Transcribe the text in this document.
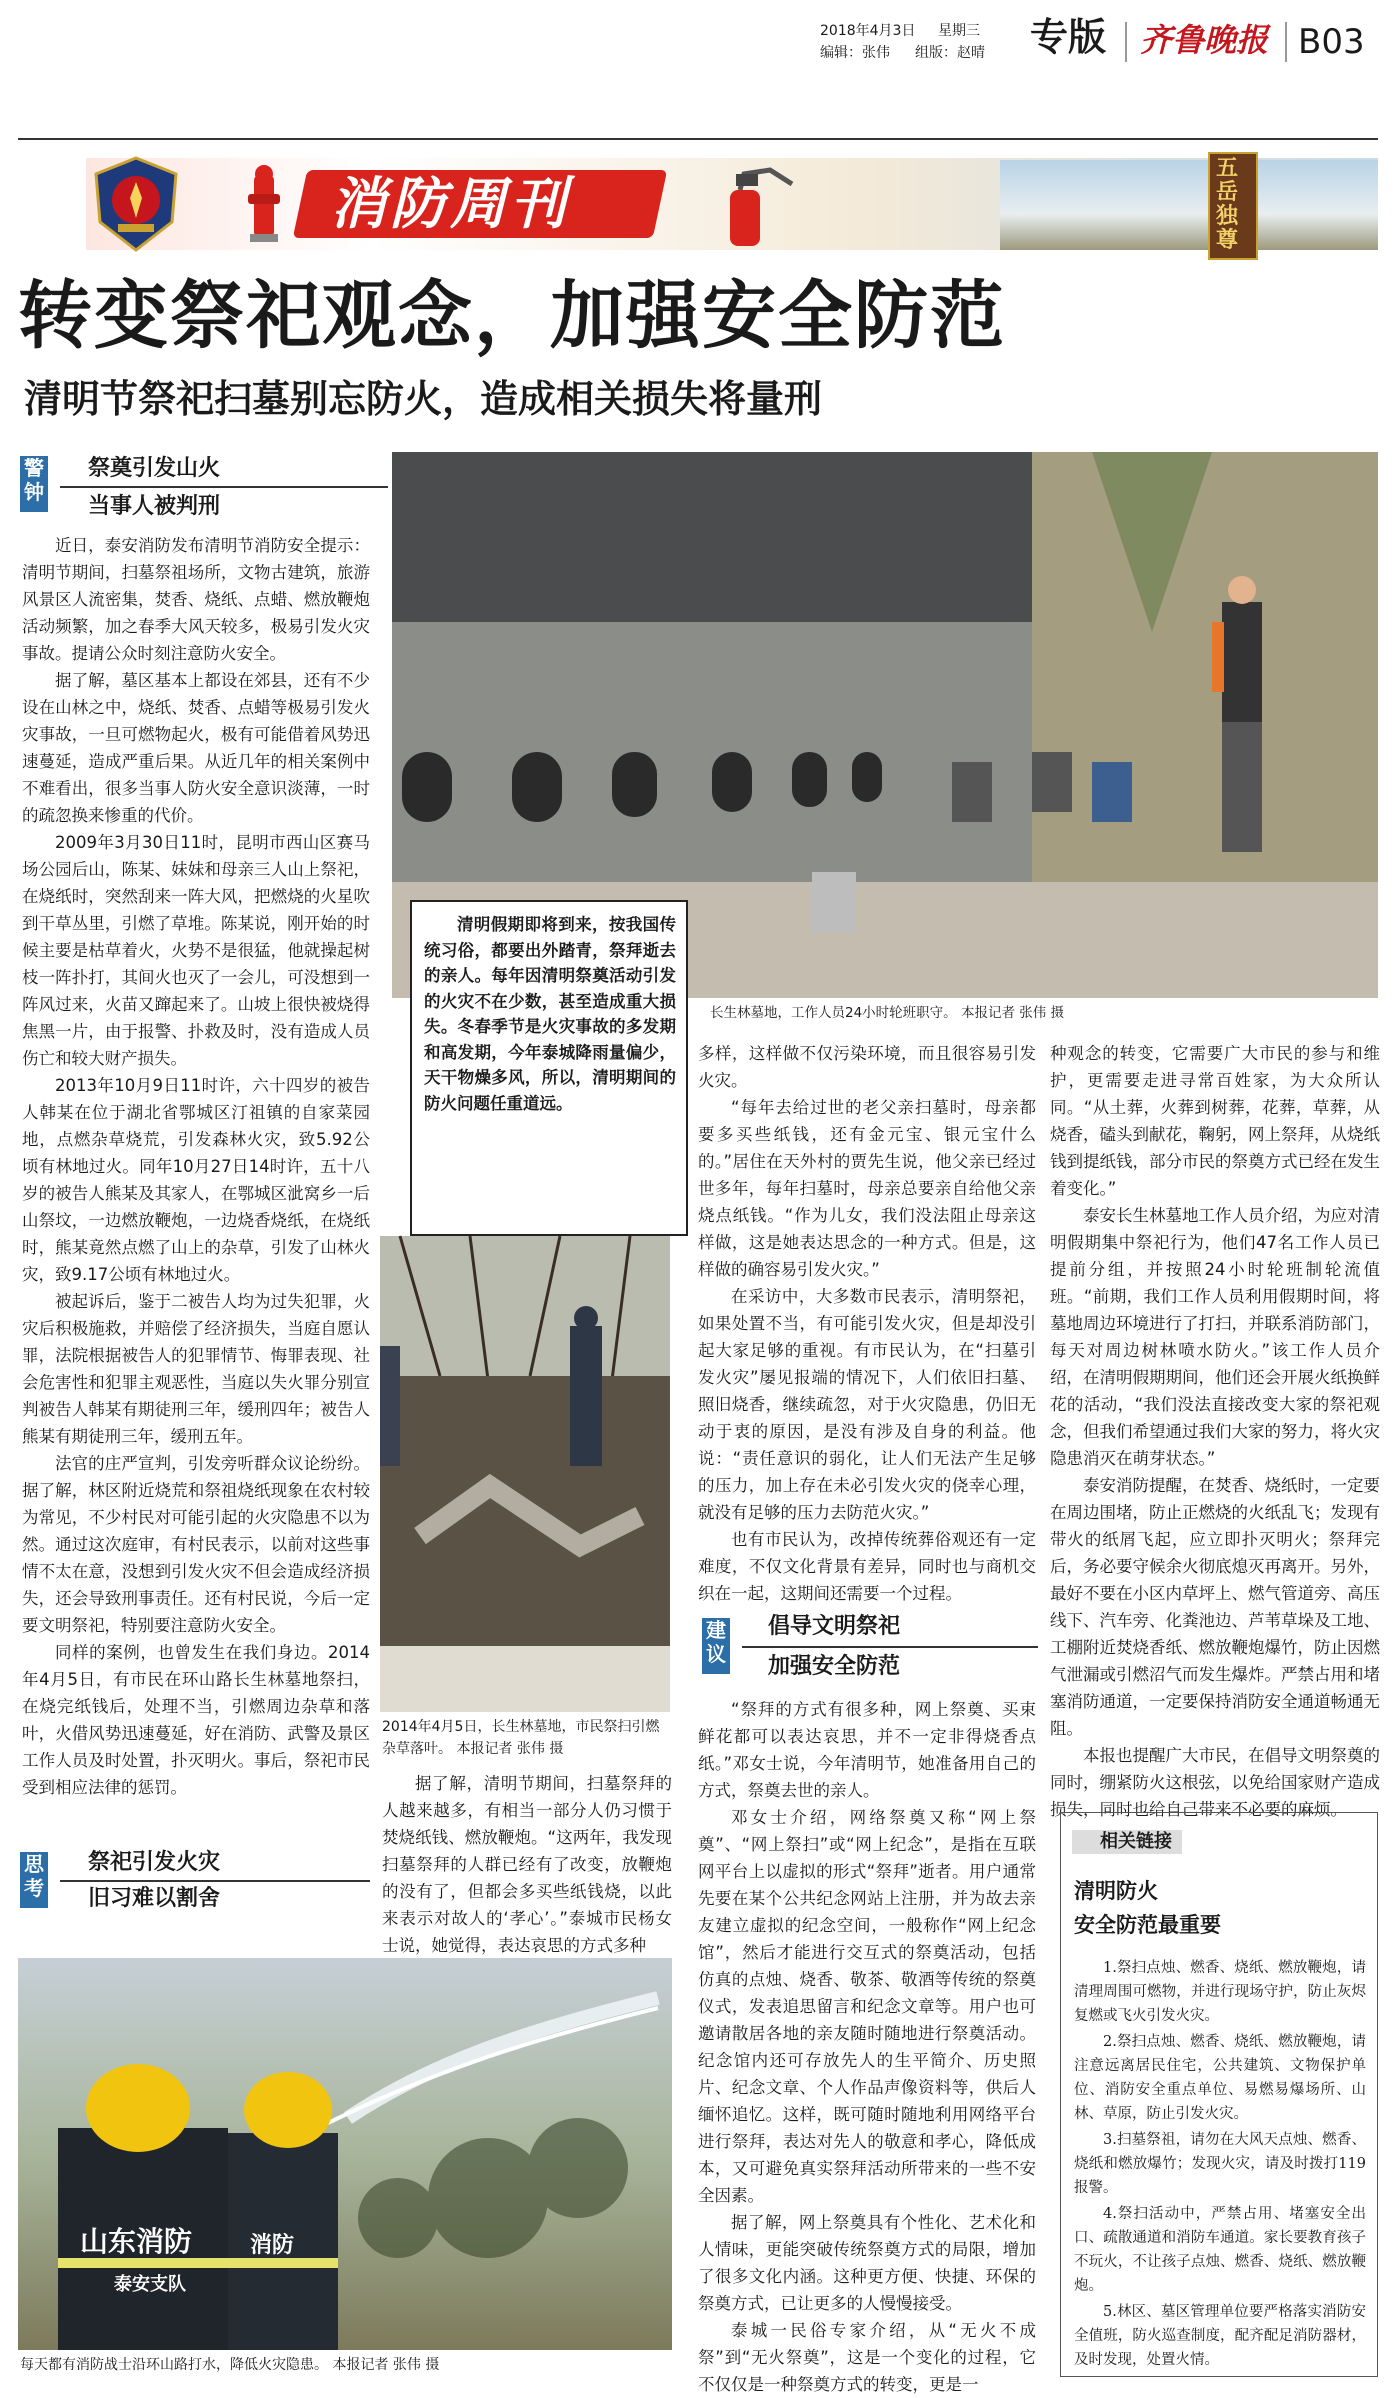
2018年4月3日 星期三
编辑：张伟 组版：赵晴 专版 齐鲁晚报 B03
消防周刊
五岳独尊
转变祭祀观念，加强安全防范
清明节祭祀扫墓别忘防火，造成相关损失将量刑
警钟
祭奠引发山火
当事人被判刑

近日，泰安消防发布清明节消防安全提示：清明节期间，扫墓祭祖场所，文物古建筑，旅游风景区人流密集，焚香、烧纸、点蜡、燃放鞭炮活动频繁，加之春季大风天较多，极易引发火灾事故。提请公众时刻注意防火安全。

据了解，墓区基本上都设在郊县，还有不少设在山林之中，烧纸、焚香、点蜡等极易引发火灾事故，一旦可燃物起火，极有可能借着风势迅速蔓延，造成严重后果。从近几年的相关案例中不难看出，很多当事人防火安全意识淡薄，一时的疏忽换来惨重的代价。

2009年3月30日11时，昆明市西山区赛马场公园后山，陈某、妹妹和母亲三人山上祭祀，在烧纸时，突然刮来一阵大风，把燃烧的火星吹到干草丛里，引燃了草堆。陈某说，刚开始的时候主要是枯草着火，火势不是很猛，他就操起树枝一阵扑打，其间火也灭了一会儿，可没想到一阵风过来，火苗又蹿起来了。山坡上很快被烧得焦黑一片，由于报警、扑救及时，没有造成人员伤亡和较大财产损失。

2013年10月9日11时许，六十四岁的被告人韩某在位于湖北省鄂城区汀祖镇的自家菜园地，点燃杂草烧荒，引发森林火灾，致5.92公顷有林地过火。同年10月27日14时许，五十八岁的被告人熊某及其家人，在鄂城区泚窝乡一后山祭坟，一边燃放鞭炮，一边烧香烧纸，在烧纸时，熊某竟然点燃了山上的杂草，引发了山林火灾，致9.17公顷有林地过火。

被起诉后，鉴于二被告人均为过失犯罪，火灾后积极施救，并赔偿了经济损失，当庭自愿认罪，法院根据被告人的犯罪情节、悔罪表现、社会危害性和犯罪主观恶性，当庭以失火罪分别宣判被告人韩某有期徒刑三年，缓刑四年；被告人熊某有期徒刑三年，缓刑五年。

法官的庄严宣判，引发旁听群众议论纷纷。据了解，林区附近烧荒和祭祖烧纸现象在农村较为常见，不少村民对可能引起的火灾隐患不以为然。通过这次庭审，有村民表示，以前对这些事情不太在意，没想到引发火灾不但会造成经济损失，还会导致刑事责任。还有村民说，今后一定要文明祭祀，特别要注意防火安全。

同样的案例，也曾发生在我们身边。2014年4月5日，有市民在环山路长生林墓地祭扫，在烧完纸钱后，处理不当，引燃周边杂草和落叶，火借风势迅速蔓延，好在消防、武警及景区工作人员及时处置，扑灭明火。事后，祭祀市民受到相应法律的惩罚。

思考
祭祀引发火灾
旧习难以割舍
长生林墓地，工作人员24小时轮班职守。 本报记者 张伟 摄
清明假期即将到来，按我国传统习俗，都要出外踏青，祭拜逝去的亲人。每年因清明祭奠活动引发的火灾不在少数，甚至造成重大损失。冬春季节是火灾事故的多发期和高发期，今年泰城降雨量偏少，天干物燥多风，所以，清明期间的防火问题任重道远。
2014年4月5日，长生林墓地，市民祭扫引燃杂草落叶。 本报记者 张伟 摄

据了解，清明节期间，扫墓祭拜的人越来越多，有相当一部分人仍习惯于焚烧纸钱、燃放鞭炮。“这两年，我发现扫墓祭拜的人群已经有了改变，放鞭炮的没有了，但都会多买些纸钱烧，以此来表示对故人的‘孝心’。”泰城市民杨女士说，她觉得，表达哀思的方式多种

山东消防
泰安支队
消防
每天都有消防战士沿环山路打水，降低火灾隐患。 本报记者 张伟 摄

多样，这样做不仅污染环境，而且很容易引发火灾。

“每年去给过世的老父亲扫墓时，母亲都要多买些纸钱，还有金元宝、银元宝什么的。”居住在天外村的贾先生说，他父亲已经过世多年，每年扫墓时，母亲总要亲自给他父亲烧点纸钱。“作为儿女，我们没法阻止母亲这样做，这是她表达思念的一种方式。但是，这样做的确容易引发火灾。”

在采访中，大多数市民表示，清明祭祀，如果处置不当，有可能引发火灾，但是却没引起大家足够的重视。有市民认为，在“扫墓引发火灾”屡见报端的情况下，人们依旧扫墓、照旧烧香，继续疏忽，对于火灾隐患，仍旧无动于衷的原因，是没有涉及自身的利益。他说：“责任意识的弱化，让人们无法产生足够的压力，加上存在未必引发火灾的侥幸心理，就没有足够的压力去防范火灾。”

也有市民认为，改掉传统葬俗观还有一定难度，不仅文化背景有差异，同时也与商机交织在一起，这期间还需要一个过程。

建议
倡导文明祭祀
加强安全防范

“祭拜的方式有很多种，网上祭奠、买束鲜花都可以表达哀思，并不一定非得烧香点纸。”邓女士说，今年清明节，她准备用自己的方式，祭奠去世的亲人。

邓女士介绍，网络祭奠又称“网上祭奠”、“网上祭扫”或“网上纪念”，是指在互联网平台上以虚拟的形式“祭拜”逝者。用户通常先要在某个公共纪念网站上注册，并为故去亲友建立虚拟的纪念空间，一般称作“网上纪念馆”，然后才能进行交互式的祭奠活动，包括仿真的点烛、烧香、敬茶、敬酒等传统的祭奠仪式，发表追思留言和纪念文章等。用户也可邀请散居各地的亲友随时随地进行祭奠活动。纪念馆内还可存放先人的生平简介、历史照片、纪念文章、个人作品声像资料等，供后人缅怀追忆。这样，既可随时随地利用网络平台进行祭拜，表达对先人的敬意和孝心，降低成本，又可避免真实祭拜活动所带来的一些不安全因素。

据了解，网上祭奠具有个性化、艺术化和人情味，更能突破传统祭奠方式的局限，增加了很多文化内涵。这种更方便、快捷、环保的祭奠方式，已让更多的人慢慢接受。

泰城一民俗专家介绍，从“无火不成祭”到“无火祭奠”，这是一个变化的过程，它不仅仅是一种祭奠方式的转变，更是一

种观念的转变，它需要广大市民的参与和维护，更需要走进寻常百姓家，为大众所认同。“从土葬，火葬到树葬，花葬，草葬，从烧香，磕头到献花，鞠躬，网上祭拜，从烧纸钱到提纸钱，部分市民的祭奠方式已经在发生着变化。”

泰安长生林墓地工作人员介绍，为应对清明假期集中祭祀行为，他们47名工作人员已提前分组，并按照24小时轮班制轮流值班。“前期，我们工作人员利用假期时间，将墓地周边环境进行了打扫，并联系消防部门，每天对周边树林喷水防火。”该工作人员介绍，在清明假期期间，他们还会开展火纸换鲜花的活动，“我们没法直接改变大家的祭祀观念，但我们希望通过我们大家的努力，将火灾隐患消灭在萌芽状态。”

泰安消防提醒，在焚香、烧纸时，一定要在周边围堵，防止正燃烧的火纸乱飞；发现有带火的纸屑飞起，应立即扑灭明火；祭拜完后，务必要守候余火彻底熄灭再离开。另外，最好不要在小区内草坪上、燃气管道旁、高压线下、汽车旁、化粪池边、芦苇草垛及工地、工棚附近焚烧香纸、燃放鞭炮爆竹，防止因燃气泄漏或引燃沼气而发生爆炸。严禁占用和堵塞消防通道，一定要保持消防安全通道畅通无阻。

本报也提醒广大市民，在倡导文明祭奠的同时，绷紧防火这根弦，以免给国家财产造成损失，同时也给自己带来不必要的麻烦。

相关链接
清明防火
安全防范最重要

1.祭扫点烛、燃香、烧纸、燃放鞭炮，请清理周围可燃物，并进行现场守护，防止灰烬复燃或飞火引发火灾。

2.祭扫点烛、燃香、烧纸、燃放鞭炮，请注意远离居民住宅，公共建筑、文物保护单位、消防安全重点单位、易燃易爆场所、山林、草原，防止引发火灾。

3.扫墓祭祖，请勿在大风天点烛、燃香、烧纸和燃放爆竹；发现火灾，请及时拨打119报警。

4.祭扫活动中，严禁占用、堵塞安全出口、疏散通道和消防车通道。家长要教育孩子不玩火，不让孩子点烛、燃香、烧纸、燃放鞭炮。

5.林区、墓区管理单位要严格落实消防安全值班，防火巡查制度，配齐配足消防器材，及时发现，处置火情。
